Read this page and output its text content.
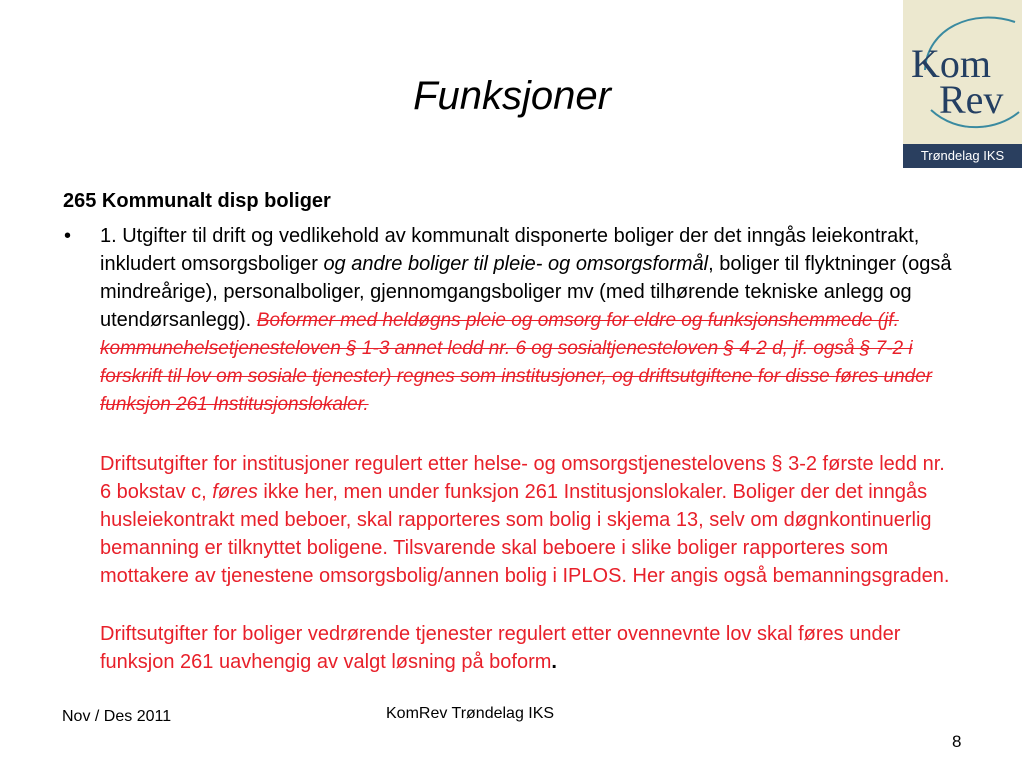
Funksjoner
Kom
Rev
Trøndelag IKS
265 Kommunalt disp boliger
• 1. Utgifter til drift og vedlikehold av kommunalt disponerte boliger der det inngås leiekontrakt, inkludert omsorgsboliger og andre boliger til pleie- og omsorgsformål, boliger til flyktninger (også mindreårige), personalboliger, gjennomgangsboliger mv (med tilhørende tekniske anlegg og utendørsanlegg). Boformer med heldøgns pleie og omsorg for eldre og funksjonshemmede (jf. kommunehelsetjenesteloven § 1-3 annet ledd nr. 6 og sosialtjenesteloven § 4-2 d, jf. også § 7-2 i forskrift til lov om sosiale tjenester) regnes som institusjoner, og driftsutgiftene for disse føres under funksjon 261 Institusjonslokaler.

Driftsutgifter for institusjoner regulert etter helse- og omsorgstjenestelovens § 3-2 første ledd nr. 6 bokstav c, føres ikke her, men under funksjon 261 Institusjonslokaler. Boliger der det inngås husleiekontrakt med beboer, skal rapporteres som bolig i skjema 13, selv om døgnkontinuerlig bemanning er tilknyttet boligene. Tilsvarende skal beboere i slike boliger rapporteres som mottakere av tjenestene omsorgsbolig/annen bolig i IPLOS. Her angis også bemanningsgraden.

Driftsutgifter for boliger vedrørende tjenester regulert etter ovennevnte lov skal føres under funksjon 261 uavhengig av valgt løsning på boform.

Nov / Des 2011	KomRev Trøndelag IKS
8
